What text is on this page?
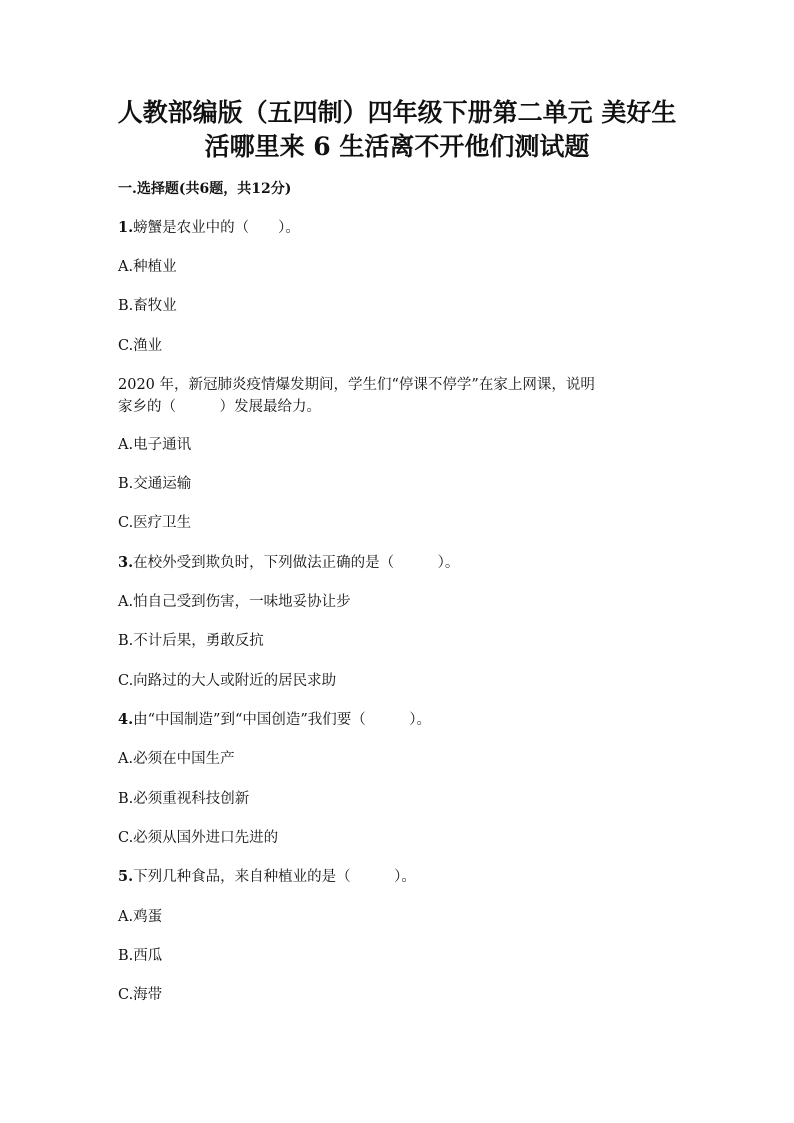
人教部编版（五四制）四年级下册第二单元 美好生
活哪里来 6 生活离不开他们测试题
一.选择题(共6题，共12分)
1.螃蟹是农业中的（　　）。
A.种植业
B.畜牧业
C.渔业
2020 年，新冠肺炎疫情爆发期间，学生们“停课不停学”在家上网课，说明
家乡的（　　　）发展最给力。
A.电子通讯
B.交通运输
C.医疗卫生
3.在校外受到欺负时，下列做法正确的是（　　　）。
A.怕自己受到伤害，一味地妥协让步
B.不计后果，勇敢反抗
C.向路过的大人或附近的居民求助
4.由“中国制造”到“中国创造”我们要（　　　）。
A.必须在中国生产
B.必须重视科技创新
C.必须从国外进口先进的
5.下列几种食品，来自种植业的是（　　　）。
A.鸡蛋
B.西瓜
C.海带
